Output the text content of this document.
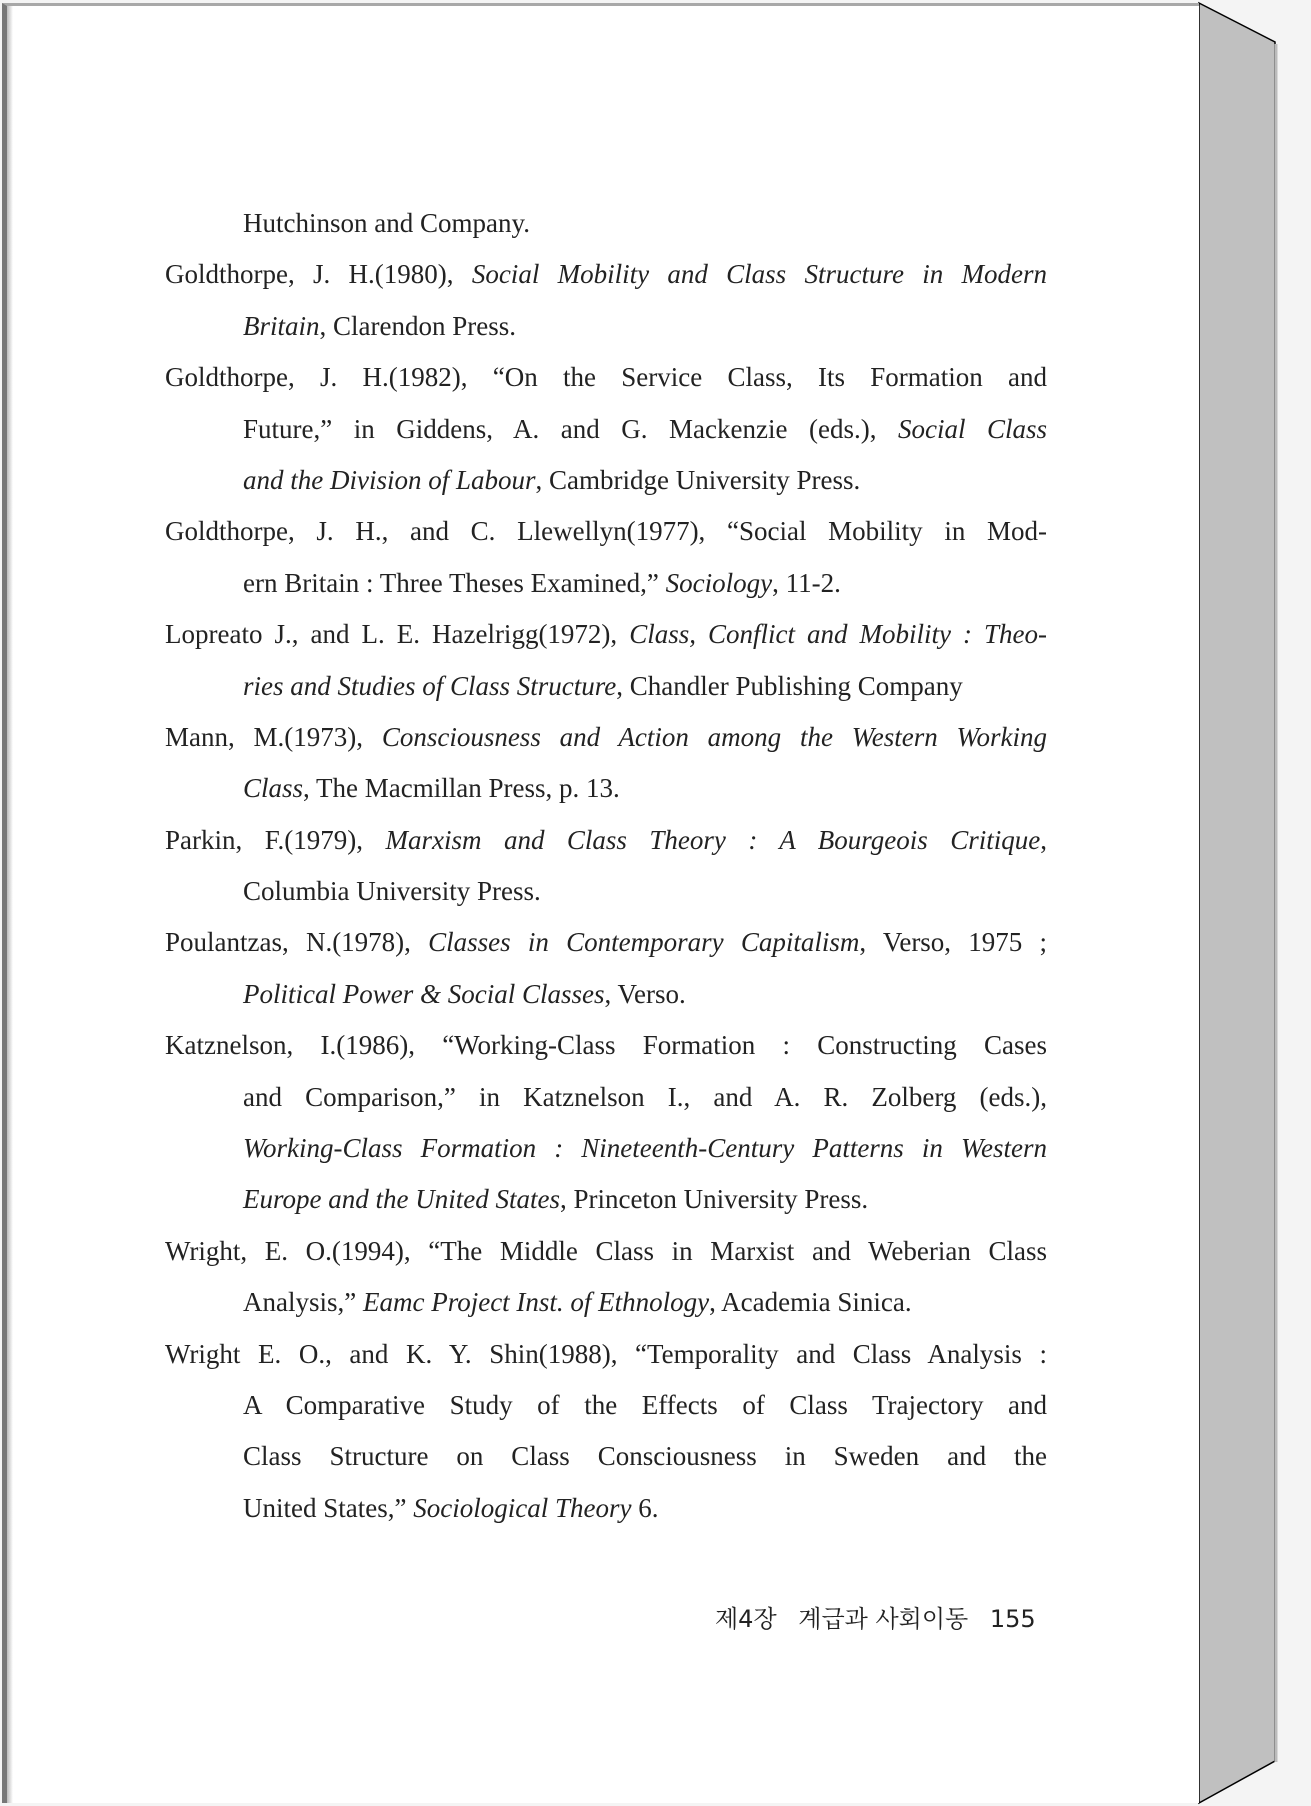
Hutchinson and Company.
Goldthorpe, J. H.(1980), Social Mobility and Class Structure in Modern
Britain, Clarendon Press.
Goldthorpe, J. H.(1982), “On the Service Class, Its Formation and
Future,” in Giddens, A. and G. Mackenzie (eds.), Social Class
and the Division of Labour, Cambridge University Press.
Goldthorpe, J. H., and C. Llewellyn(1977), “Social Mobility in Mod-
ern Britain : Three Theses Examined,” Sociology, 11-2.
Lopreato J., and L. E. Hazelrigg(1972), Class, Conflict and Mobility : Theo-
ries and Studies of Class Structure, Chandler Publishing Company
Mann, M.(1973), Consciousness and Action among the Western Working
Class, The Macmillan Press, p. 13.
Parkin, F.(1979), Marxism and Class Theory : A Bourgeois Critique,
Columbia University Press.
Poulantzas, N.(1978), Classes in Contemporary Capitalism, Verso, 1975 ;
Political Power & Social Classes, Verso.
Katznelson, I.(1986), “Working-Class Formation : Constructing Cases
and Comparison,” in Katznelson I., and A. R. Zolberg (eds.),
Working-Class Formation : Nineteenth-Century Patterns in Western
Europe and the United States, Princeton University Press.
Wright, E. O.(1994), “The Middle Class in Marxist and Weberian Class
Analysis,” Eamc Project Inst. of Ethnology, Academia Sinica.
Wright E. O., and K. Y. Shin(1988), “Temporality and Class Analysis :
A Comparative Study of the Effects of Class Trajectory and
Class Structure on Class Consciousness in Sweden and the
United States,” Sociological Theory 6.
제4장 계급과 사회이동 155
